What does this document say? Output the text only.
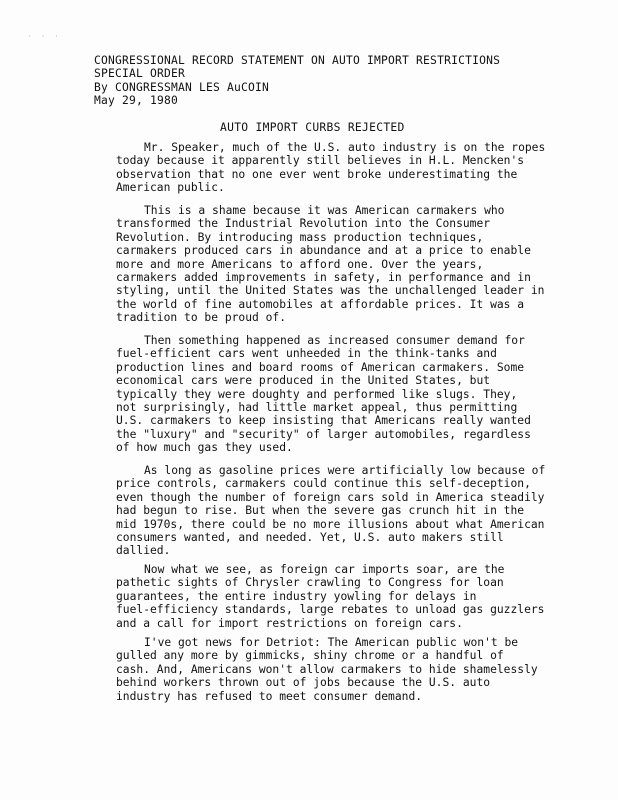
· · ·
CONGRESSIONAL RECORD STATEMENT ON AUTO IMPORT RESTRICTIONS
SPECIAL ORDER
By CONGRESSMAN LES AuCOIN
May 29, 1980
AUTO IMPORT CURBS REJECTED
Mr. Speaker, much of the U.S. auto industry is on the ropes
today because it apparently still believes in H.L. Mencken's
observation that no one ever went broke underestimating the
American public.
This is a shame because it was American carmakers who
transformed the Industrial Revolution into the Consumer
Revolution. By introducing mass production techniques,
carmakers produced cars in abundance and at a price to enable
more and more Americans to afford one. Over the years,
carmakers added improvements in safety, in performance and in
styling, until the United States was the unchallenged leader in
the world of fine automobiles at affordable prices. It was a
tradition to be proud of.
Then something happened as increased consumer demand for
fuel-efficient cars went unheeded in the think-tanks and
production lines and board rooms of American carmakers. Some
economical cars were produced in the United States, but
typically they were doughty and performed like slugs. They,
not surprisingly, had little market appeal, thus permitting
U.S. carmakers to keep insisting that Americans really wanted
the "luxury" and "security" of larger automobiles, regardless
of how much gas they used.
As long as gasoline prices were artificially low because of
price controls, carmakers could continue this self-deception,
even though the number of foreign cars sold in America steadily
had begun to rise. But when the severe gas crunch hit in the
mid 1970s, there could be no more illusions about what American
consumers wanted, and needed. Yet, U.S. auto makers still
dallied.
Now what we see, as foreign car imports soar, are the
pathetic sights of Chrysler crawling to Congress for loan
guarantees, the entire industry yowling for delays in
fuel-efficiency standards, large rebates to unload gas guzzlers
and a call for import restrictions on foreign cars.
I've got news for Detriot: The American public won't be
gulled any more by gimmicks, shiny chrome or a handful of
cash. And, Americans won't allow carmakers to hide shamelessly
behind workers thrown out of jobs because the U.S. auto
industry has refused to meet consumer demand.
